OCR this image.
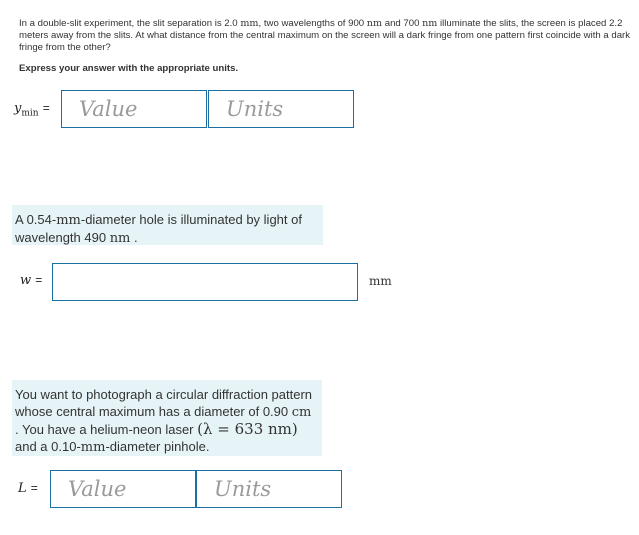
In a double-slit experiment, the slit separation is 2.0 mm, two wavelengths of 900 nm and 700 nm illuminate the slits, the screen is placed 2.2 meters away from the slits. At what distance from the central maximum on the screen will a dark fringe from one pattern first coincide with a dark fringe from the other?
Express your answer with the appropriate units.
$y_{min}$ = Value	Units
A 0.54-mm-diameter hole is illuminated by light of wavelength 490 nm .
w =	mm
You want to photograph a circular diffraction pattern whose central maximum has a diameter of 0.90 cm . You have a helium-neon laser (λ = 633 nm) and a 0.10-mm-diameter pinhole.
L = Value	Units
